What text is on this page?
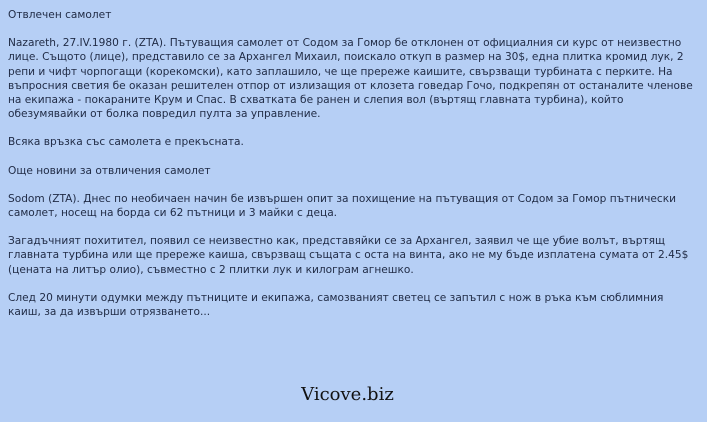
Отвлечен самолет

Nazareth, 27.IV.1980 г. (ZTA). Пътуващия самолет от Содом за Гомор бе отклонен от официалния си курс от неизвестно лице. Същото (лице), представило се за Архангел Михаил, поискало откуп в размер на 30$, една плитка кромид лук, 2 репи и чифт чорпогащи (корекомски), като заплашило, че ще пререже каишите, свързващи турбината с перките. На въпросния светия бе оказан решителен отпор от излизащия от клозета говедар Гочо, подкрепян от останалите членове на екипажа - покараните Крум и Спас. В схватката бе ранен и слепия вол (въртящ главната турбина), който обезумявайки от болка повредил пулта за управление.

Всяка връзка със самолета е прекъсната.

Още новини за отвличения самолет

Sodom (ZTA). Днес по необичаен начин бе извършен опит за похищение на пътуващия от Содом за Гомор пътнически самолет, носещ на борда си 62 пътници и 3 майки с деца.

Загадъчният похитител, появил се неизвестно как, представяйки се за Архангел, заявил че ще убие волът, въртящ главната турбина или ще пререже каиша, свързващ същата с оста на винта, ако не му бъде изплатена сумата от 2.45$ (цената на литър олио), съвместно с 2 плитки лук и килограм агнешко.

След 20 минути одумки между пътниците и екипажа, самозваният светец се запътил с нож в ръка към сюблимния каиш, за да извърши отрязването...

Vicove.biz
